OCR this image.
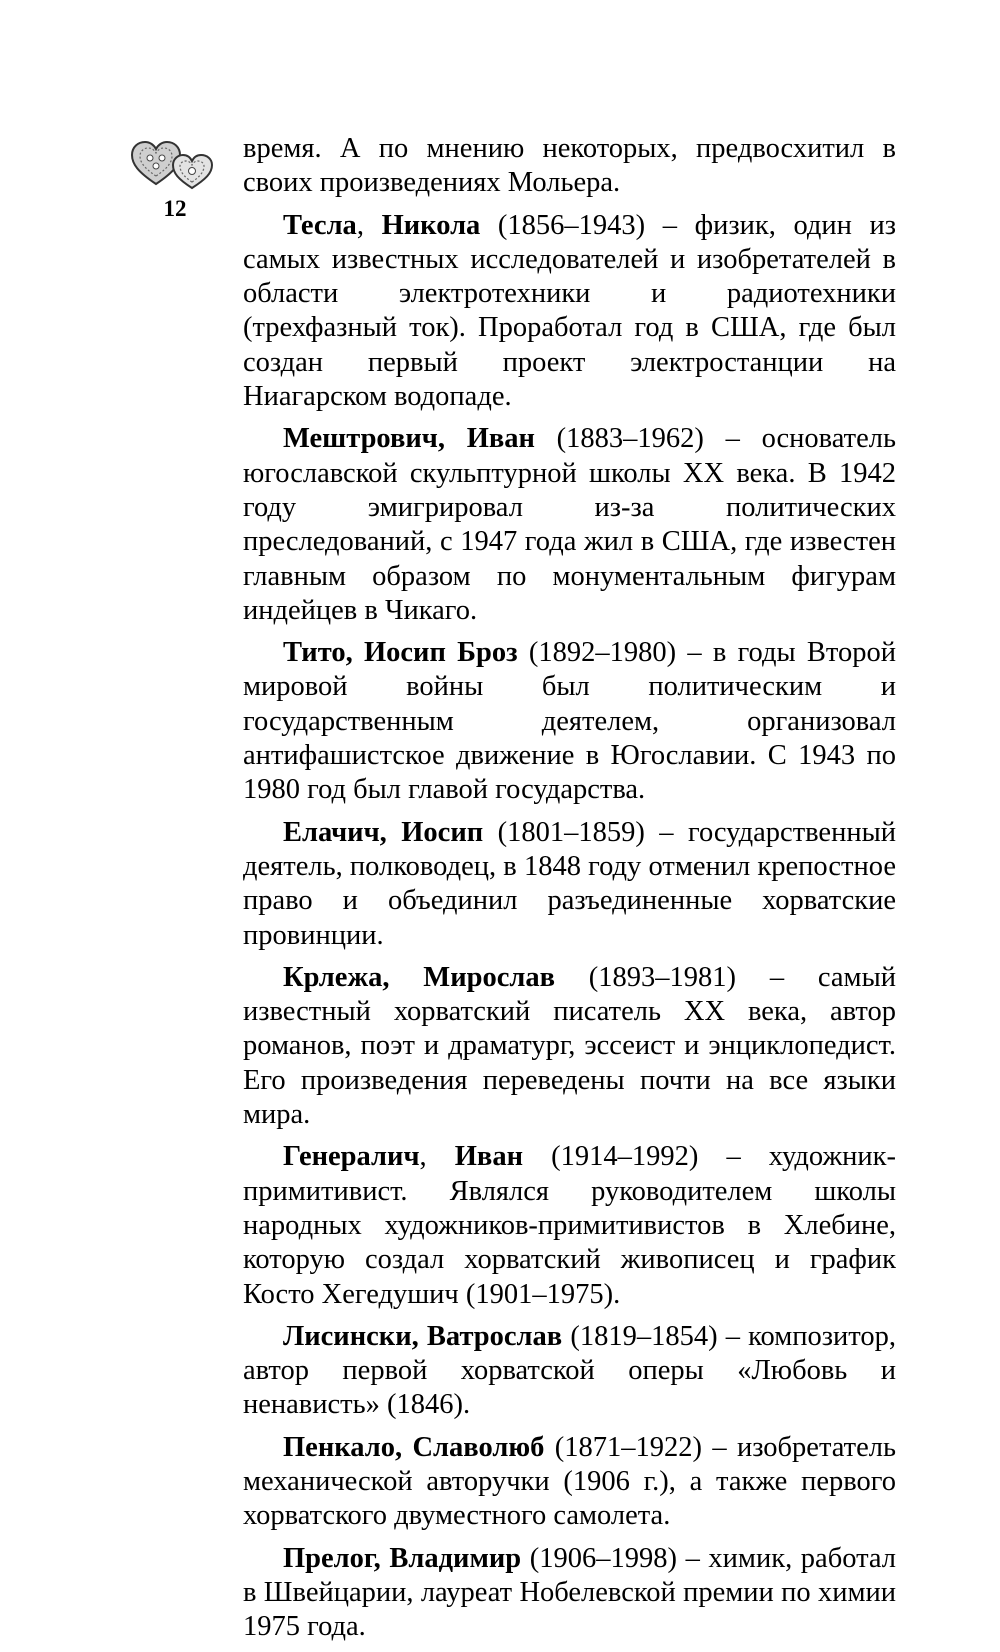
12

время. А по мнению некоторых, предвосхитил в своих произведениях Мольера.

Тесла, Никола (1856–1943) – физик, один из самых известных исследователей и изобретателей в области электротехники и радиотехники (трехфазный ток). Проработал год в США, где был создан первый проект электростанции на Ниагарском водопаде.

Мештрович, Иван (1883–1962) – основатель югославской скульптурной школы XX века. В 1942 году эмигрировал из-за политических преследований, с 1947 года жил в США, где известен главным образом по монументальным фигурам индейцев в Чикаго.

Тито, Иосип Броз (1892–1980) – в годы Второй мировой войны был политическим и государственным деятелем, организовал антифашистское движение в Югославии. С 1943 по 1980 год был главой государства.

Елачич, Иосип (1801–1859) – государственный деятель, полководец, в 1848 году отменил крепостное право и объединил разъединенные хорватские провинции.

Крлежа, Мирослав (1893–1981) – самый известный хорватский писатель XX века, автор романов, поэт и драматург, эссеист и энциклопедист. Его произведения переведены почти на все языки мира.

Генералич, Иван (1914–1992) – художник-примитивист. Являлся руководителем школы народных художников-примитивистов в Хлебине, которую создал хорватский живописец и график Косто Хегедушич (1901–1975).

Лисински, Ватрослав (1819–1854) – композитор, автор первой хорватской оперы «Любовь и ненависть» (1846).

Пенкало, Славолюб (1871–1922) – изобретатель механической авторучки (1906 г.), а также первого хорватского двуместного самолета.

Прелог, Владимир (1906–1998) – химик, работал в Швейцарии, лауреат Нобелевской премии по химии 1975 года.
